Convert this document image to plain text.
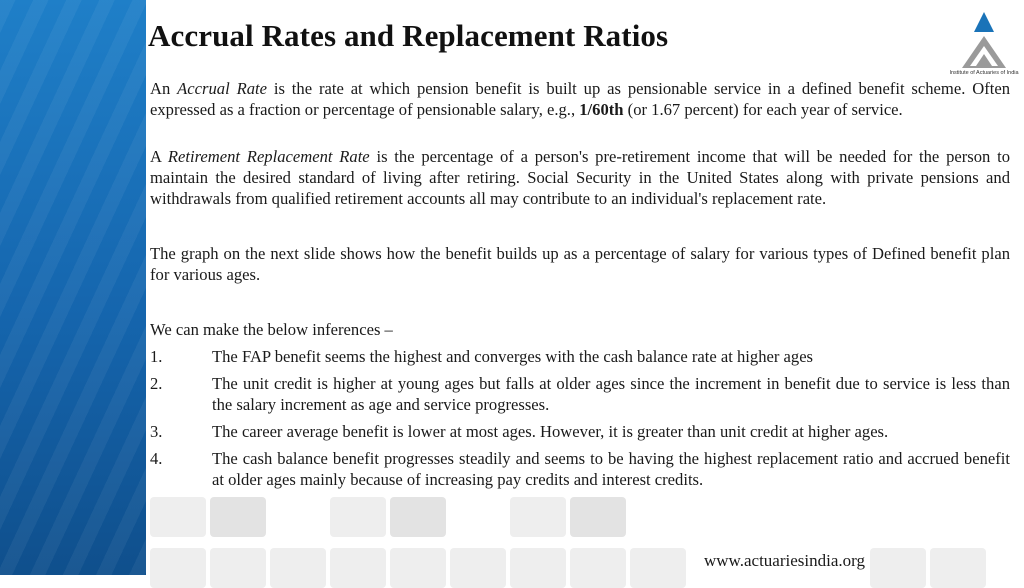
Accrual Rates and Replacement Ratios
Institute of Actuaries of India

An Accrual Rate is the rate at which pension benefit is built up as pensionable service in a defined benefit scheme. Often expressed as a fraction or percentage of pensionable salary, e.g., 1/60th (or 1.67 percent) for each year of service.

A Retirement Replacement Rate is the percentage of a person's pre-retirement income that will be needed for the person to maintain the desired standard of living after retiring. Social Security in the United States along with private pensions and withdrawals from qualified retirement accounts all may contribute to an individual's replacement rate.

The graph on the next slide shows how the benefit builds up as a percentage of salary for various types of Defined benefit plan for various ages.

We can make the below inferences –

1.	The FAP benefit seems the highest and converges with the cash balance rate at higher ages
2.	The unit credit is higher at young ages but falls at older ages since the increment in benefit due to service is less than the salary increment as age and service progresses.
3.	The career average benefit is lower at most ages. However, it is greater than unit credit at higher ages.
4.	The cash balance benefit progresses steadily and seems to be having the highest replacement ratio and accrued benefit at older ages mainly because of increasing pay credits and interest credits.
www.actuariesindia.org
